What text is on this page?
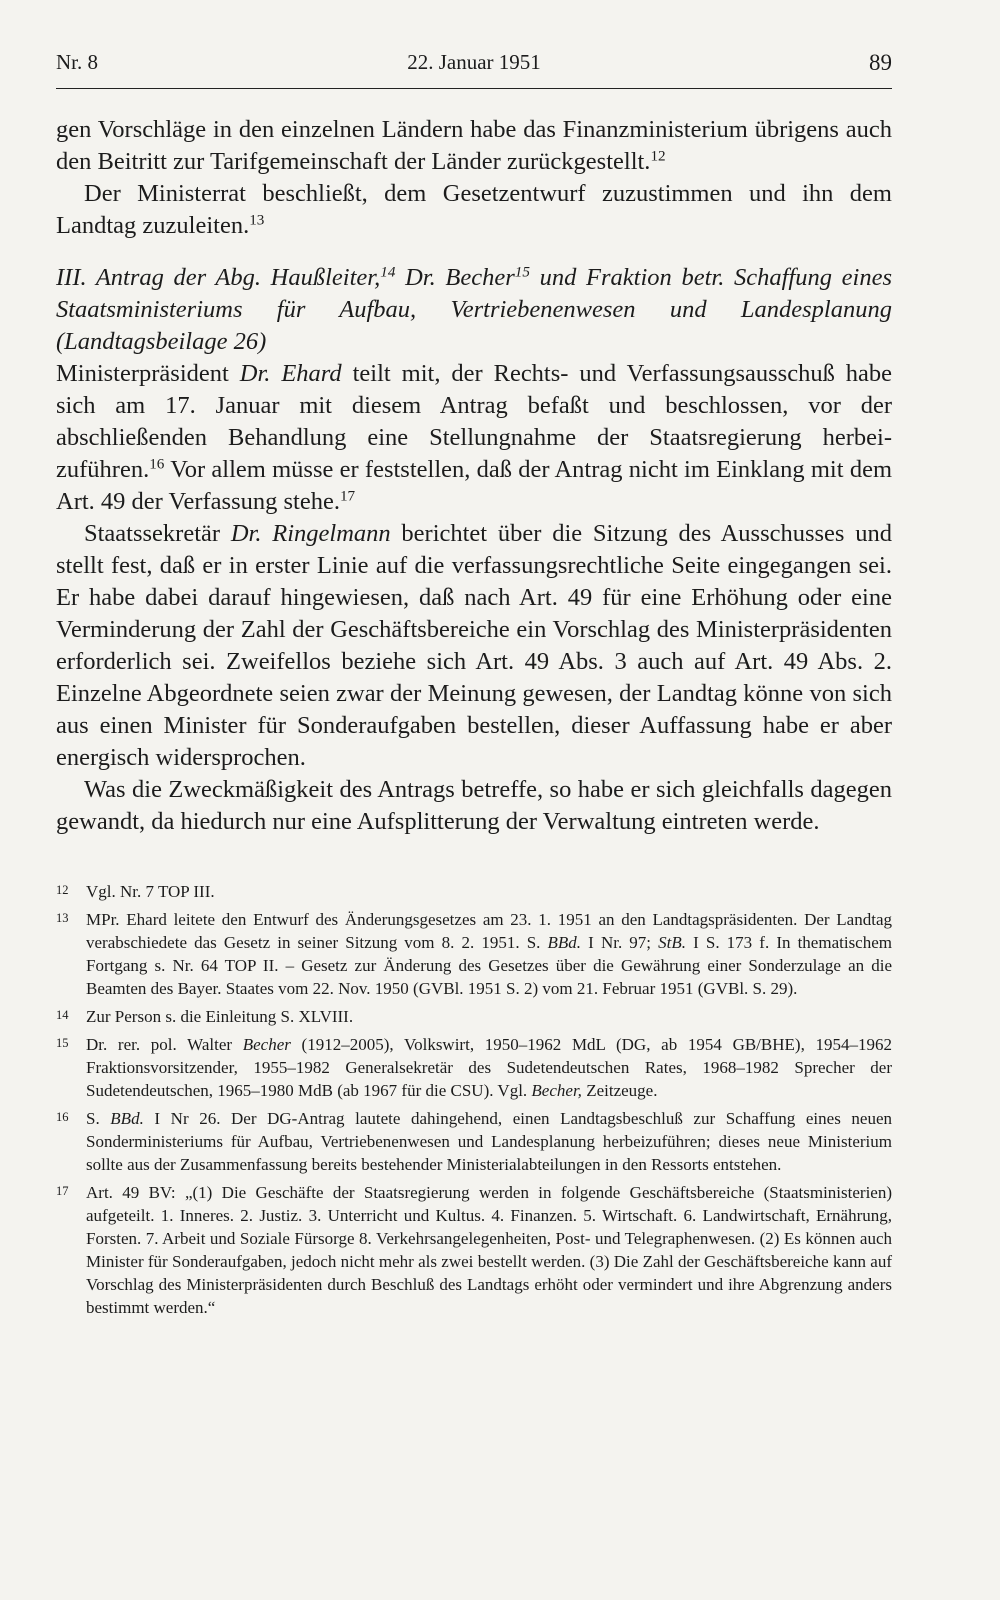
Nr. 8	22. Januar 1951	89

gen Vorschläge in den einzelnen Ländern habe das Finanzministerium übrigens auch den Beitritt zur Tarifgemeinschaft der Länder zurückgestellt.$^{12}$

Der Ministerrat beschließt, dem Gesetzentwurf zuzustimmen und ihn dem Landtag zuzuleiten.$^{13}$

III. Antrag der Abg. Haußleiter,$^{14}$ Dr. Becher$^{15}$ und Fraktion betr. Schaffung eines Staatsministeriums für Aufbau, Vertriebenenwesen und Landesplanung (Landtagsbeilage 26)

Ministerpräsident Dr. Ehard teilt mit, der Rechts- und Verfassungsausschuß habe sich am 17. Januar mit diesem Antrag befaßt und beschlossen, vor der abschließenden Behandlung eine Stellungnahme der Staatsregierung herbeizuführen.$^{16}$ Vor allem müsse er feststellen, daß der Antrag nicht im Einklang mit dem Art. 49 der Verfassung stehe.$^{17}$

Staatssekretär Dr. Ringelmann berichtet über die Sitzung des Ausschusses und stellt fest, daß er in erster Linie auf die verfassungsrechtliche Seite eingegangen sei. Er habe dabei darauf hingewiesen, daß nach Art. 49 für eine Erhöhung oder eine Verminderung der Zahl der Geschäftsbereiche ein Vorschlag des Ministerpräsidenten erforderlich sei. Zweifellos beziehe sich Art. 49 Abs. 3 auch auf Art. 49 Abs. 2. Einzelne Abgeordnete seien zwar der Meinung gewesen, der Landtag könne von sich aus einen Minister für Sonderaufgaben bestellen, dieser Auffassung habe er aber energisch widersprochen.

Was die Zweckmäßigkeit des Antrags betreffe, so habe er sich gleichfalls dagegen gewandt, da hiedurch nur eine Aufsplitterung der Verwaltung eintreten werde.

12 Vgl. Nr. 7 TOP III.

13 MPr. Ehard leitete den Entwurf des Änderungsgesetzes am 23. 1. 1951 an den Landtagspräsidenten. Der Landtag verabschiedete das Gesetz in seiner Sitzung vom 8. 2. 1951. S. BBd. I Nr. 97; StB. I S. 173 f. In thematischem Fortgang s. Nr. 64 TOP II. – Gesetz zur Änderung des Gesetzes über die Gewährung einer Sonderzulage an die Beamten des Bayer. Staates vom 22. Nov. 1950 (GVBl. 1951 S. 2) vom 21. Februar 1951 (GVBl. S. 29).

14 Zur Person s. die Einleitung S. XLVIII.

15 Dr. rer. pol. Walter Becher (1912–2005), Volkswirt, 1950–1962 MdL (DG, ab 1954 GB/BHE), 1954–1962 Fraktionsvorsitzender, 1955–1982 Generalsekretär des Sudetendeutschen Rates, 1968–1982 Sprecher der Sudetendeutschen, 1965–1980 MdB (ab 1967 für die CSU). Vgl. Becher, Zeitzeuge.

16 S. BBd. I Nr 26. Der DG-Antrag lautete dahingehend, einen Landtagsbeschluß zur Schaffung eines neuen Sonderministeriums für Aufbau, Vertriebenenwesen und Landesplanung herbeizuführen; dieses neue Ministerium sollte aus der Zusammenfassung bereits bestehender Ministerialabteilungen in den Ressorts entstehen.

17 Art. 49 BV: „(1) Die Geschäfte der Staatsregierung werden in folgende Geschäftsbereiche (Staatsministerien) aufgeteilt. 1. Inneres. 2. Justiz. 3. Unterricht und Kultus. 4. Finanzen. 5. Wirtschaft. 6. Landwirtschaft, Ernährung, Forsten. 7. Arbeit und Soziale Fürsorge 8. Verkehrsangelegenheiten, Post- und Telegraphenwesen. (2) Es können auch Minister für Sonderaufgaben, jedoch nicht mehr als zwei bestellt werden. (3) Die Zahl der Geschäftsbereiche kann auf Vorschlag des Ministerpräsidenten durch Beschluß des Landtags erhöht oder vermindert und ihre Abgrenzung anders bestimmt werden.“
